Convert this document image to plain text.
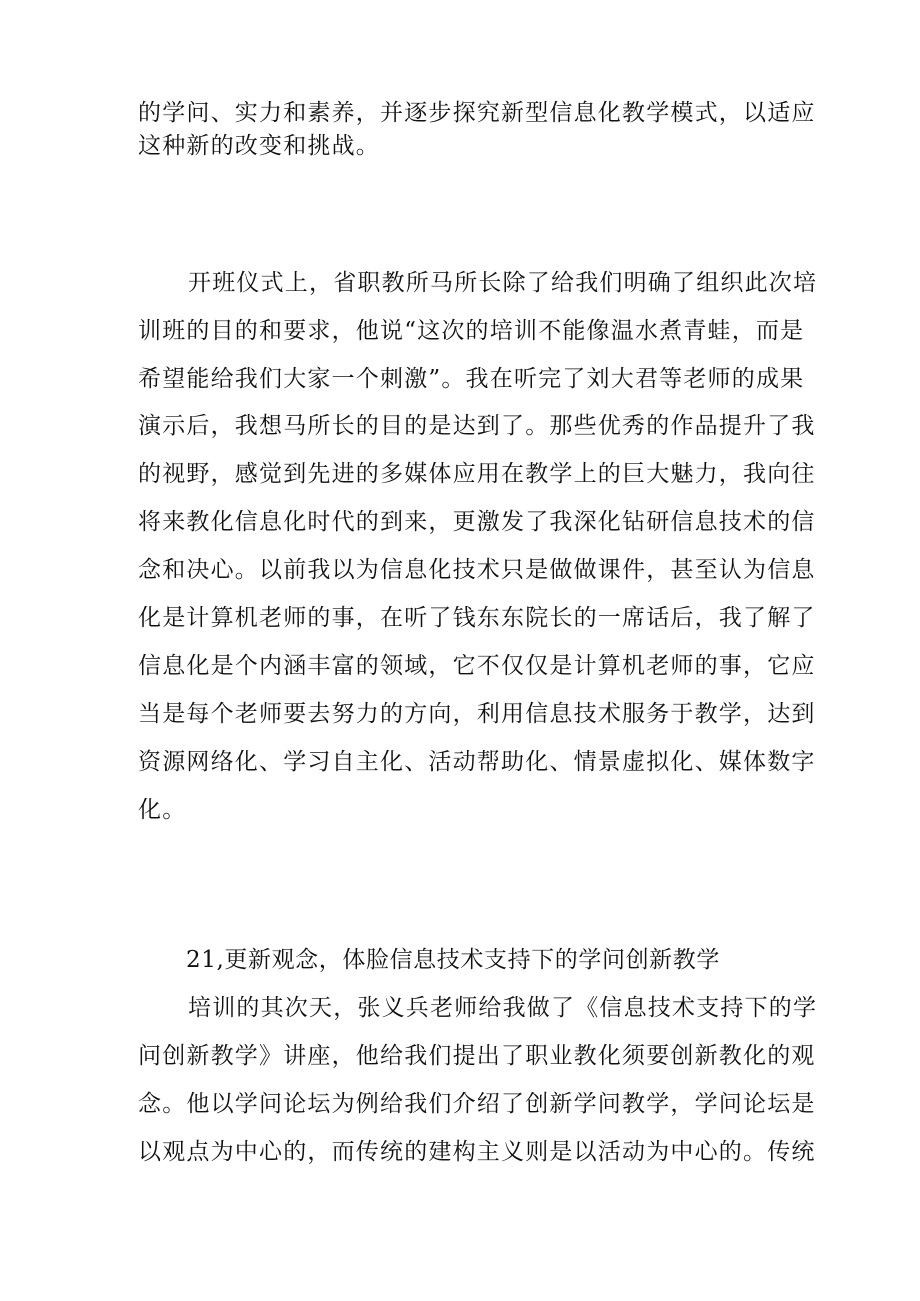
的学问、实力和素养，并逐步探究新型信息化教学模式，以适应
这种新的改变和挑战。
开班仪式上，省职教所马所长除了给我们明确了组织此次培
训班的目的和要求，他说“这次的培训不能像温水煮青蛙，而是
希望能给我们大家一个刺激”。我在听完了刘大君等老师的成果
演示后，我想马所长的目的是达到了。那些优秀的作品提升了我
的视野，感觉到先进的多媒体应用在教学上的巨大魅力，我向往
将来教化信息化时代的到来，更激发了我深化钻研信息技术的信
念和决心。以前我以为信息化技术只是做做课件，甚至认为信息
化是计算机老师的事，在听了钱东东院长的一席话后，我了解了
信息化是个内涵丰富的领域，它不仅仅是计算机老师的事，它应
当是每个老师要去努力的方向，利用信息技术服务于教学，达到
资源网络化、学习自主化、活动帮助化、情景虚拟化、媒体数字
化。
21,更新观念，体脸信息技术支持下的学问创新教学
培训的其次天，张义兵老师给我做了《信息技术支持下的学
问创新教学》讲座，他给我们提出了职业教化须要创新教化的观
念。他以学问论坛为例给我们介绍了创新学问教学，学问论坛是
以观点为中心的，而传统的建构主义则是以活动为中心的。传统
